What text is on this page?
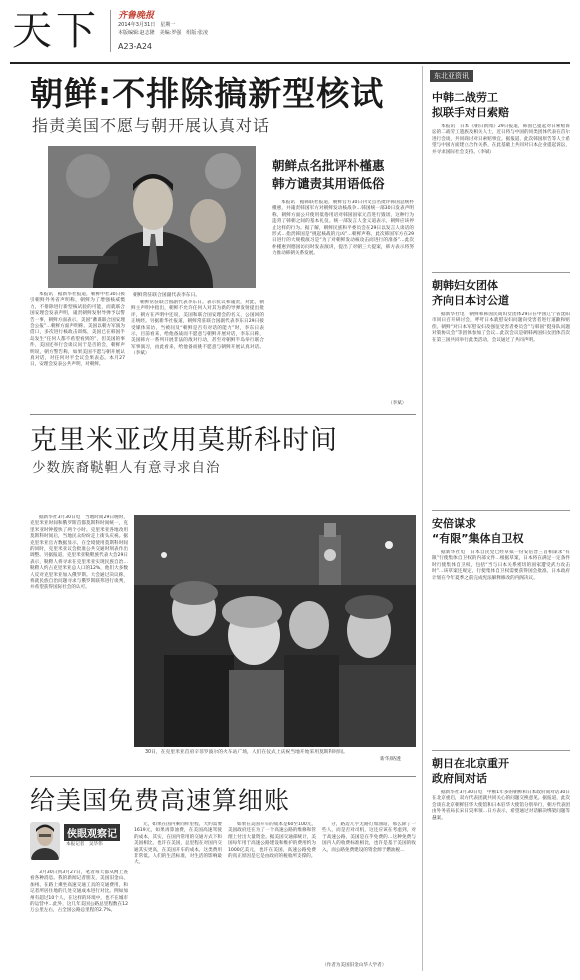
天下 齐鲁晚报
2014年3月31日　星期一
本版编辑:赵志隆　美编:罗强　组版:张凌
A23-A24
朝鲜:不排除搞新型核试
指责美国不愿与朝开展认真对话
朝鲜常驻联合国副代表李东日。

本报讯　据新华社报道，朝鲜中社30日援引朝鲜外务省声明称，朝鲜为了增强核威慑力，不排除进行新型核试验的可能，而就联合国安理会发表声明，谴责朝鲜发射导弹予以警告一事，朝鲜方面表示，美国“蓄谋联合国安理会公报”…朝鲜方面声明称，美国以朝方军演为借口，多次进行核政击训练，美国已在韩国半岛发生“任何人都不希望看到的”，但美国的事件，美国还举行会谈议问于是否的会，朝鲜声明说，朝方警告称，如果美国不愿与朝开展认真对话，对任何对平全议会果表态。本月27日，安理会发表公共声明，对朝鲜。

朝鲜常驻联合国副代表李东日。表示抗议和谴责，对此，朝鲜主声明中指出，朝鲜不允许任何人对其为新的导弹发射提出批评，朝方在声明中还说，美国和联合国安理会的名义，公国回的正统经。另据新华社报道，朝鲜常驻联合国副代表李东日29日接受媒体采访，当被问及“朝鲜是否有对话的能力”时，李东日表示，目前看来，给他备战而不愿意与朝鲜开展对话，李东日称，美国韩方一系列开展非法的敌对行动，甚至对朝鲜半岛举行联合军事演习，由此看来，给他备而挑不愿意与朝鲜开展认真对话。（李斌）

朝鲜点名批评朴槿惠
韩方谴责其用语低俗

本报讯　据韩联社报道，朝鲜官方30日刊文点名批评韩国总统朴槿惠，并谴责韩国军方对朝鲜发动核战争…韩国统一部30日发表声明称，朝鲜方面公开使用低俗用语对韩国国家元首进行毁谤，这种行为违背了韩朝之间的基本礼仪。统一部发言人金义道表示，朝鲜应该停止这样的行为。据了解，朝鲜民族和平委员会在29日以发言人谈话的形式…指责韩国是“挑起核战的元凶”…朝鲜声称，此次韩国军方在29日进行的大规模演习是“为了对朝鲜发动核攻击而进行的准备”…此次朴槿惠到德国访问时发表演讲，提出了对朝三大提案，韩方表示将努力推动韩朝关系发展。

（李斌）
克里米亚改用莫斯科时间
少数族裔鞑靼人有意寻求自治

据新华社3月30日电　当地时间29日晚时，克里米亚时间和俄罗斯首都莫斯科时间统一，克里米亚时钟拨快了两个小时。克里米亚各地改用莫斯科时间后，当地民众纷纷走上街头庆祝。据克里米亚官方数据显示，在全境使用莫斯科时间的同时，克里米亚议会批准公共交通时刻表作出调整。另据报道，克里米亚鞑靼族代表大会29日表示，鞑靼人将寻求在克里米亚实现民族自治…鞑靼人约占克里米亚总人口的12%，他们大多数人反对克里米亚加入俄罗斯。大会通过决议称，将就民族自治问题寻求与俄罗斯联邦进行谈判，并希望获得国际社会的认可。

30日，在克里米亚首府辛菲罗波尔的火车站广场，人们在仪式上庆祝当地开始采用莫斯科时间。
新华/路透
给美国免费高速算细账
侠眼观察记
本报记者　吴毕伟

3月30日到3月27日，笔者每天都从网上查看各种消息。我的新闻记者朋友，美国旧金山、加州、在路上乘坐高速交通工具的交通费用，和记者所居住地的几处交通成本进行对比。例如加州有超过10个人，在这样的环境中，也不在城市的运营中…此外，这几年美国公路总里程数在12万公里左右，占全国公路总里程的2.7%。

元，如果在国内乘同样里程，大约需要1619元，如果再算油费，在美国高速驾驶的成本，其实，在国内常用的交通方式下和美国相比，也许在美国，总里程在对国内交通其实更高，在美国开车的成本，这类费用非常低。人们的生活标准，对生活的影响最大。

如果在美国开车的成本是60至100元，美国政府还在为了一个高速公路的维修和管理上付出大量资金。据美国交通部统计，美国每年用于高速公路建设和维护的费用约为1000亿美元，也许在美国，高速公路免费的真正原因是它是由政府的税收所支撑的。

分，路边几乎无路灯加油站，那么除了一些人，而是否对司机，这还应该在考虑到，对于高速公路，美国是在乎免费的…这种免费与国内人的收费标准相比，也许是基于美国的收入，而公路免费建设的资金源于燃油税…

（作者为美国旧金山华人学者）
东北亚资讯
中韩二战劳工
拟联手对日索赔

本报讯　日本《朝日新闻》29日报道，韩国已提起对日索赔诉讼的二战劳工遗族及相关人士，近日将与中国的同类团体代表在首尔进行会谈，共同商讨对日索赔事宜。据报道，此次韩国原告等人士希望与中国方面建立合作关系，在此基础上共同对日本企业提起诉讼，并寻求国际社会支持。（李斌）

朝韩妇女团体
齐向日本讨公道

据新华社电　朝鲜和韩国民间妇女团体29日在中国辽宁省沈阳市同日召开研讨会，呼吁日本就慰安妇问题向受害者进行道歉和赔偿。朝鲜“对日本军慰安妇及强征受害者委员会”与韩国“挺身队问题对策协议会”等团体参加了会议…此次会议是朝韩两国妇女团体首次在第三国共同举行此类活动，会议通过了共同声明。

安倍谋求
“有限”集体自卫权

据新华社电　日本自民党已经草拟一份安倍晋三首相谋求“有限”行使集体自卫权的内部文件…根据草案，日本将在满足一定条件时行使集体自卫权，包括“当与日本关系密切的国家遭受武力攻击时”…该草案还规定，行使集体自卫权需要获得国会批准。日本政府计划在今年夏季之前完成宪法解释修改的内阁决议。

朝日在北京重开
政府间对话

据新华社3月30日电　中断1年多的朝鲜和日本政府间对话30日在北京重启，双方代表团就共同关心的问题交换意见。据报道，此次会谈在北京朝鲜驻华大使馆和日本驻华大使馆分别举行，朝方代表团由外务省局长宋日昊率领…日方表示，希望通过对话解决绑架问题等悬案。
